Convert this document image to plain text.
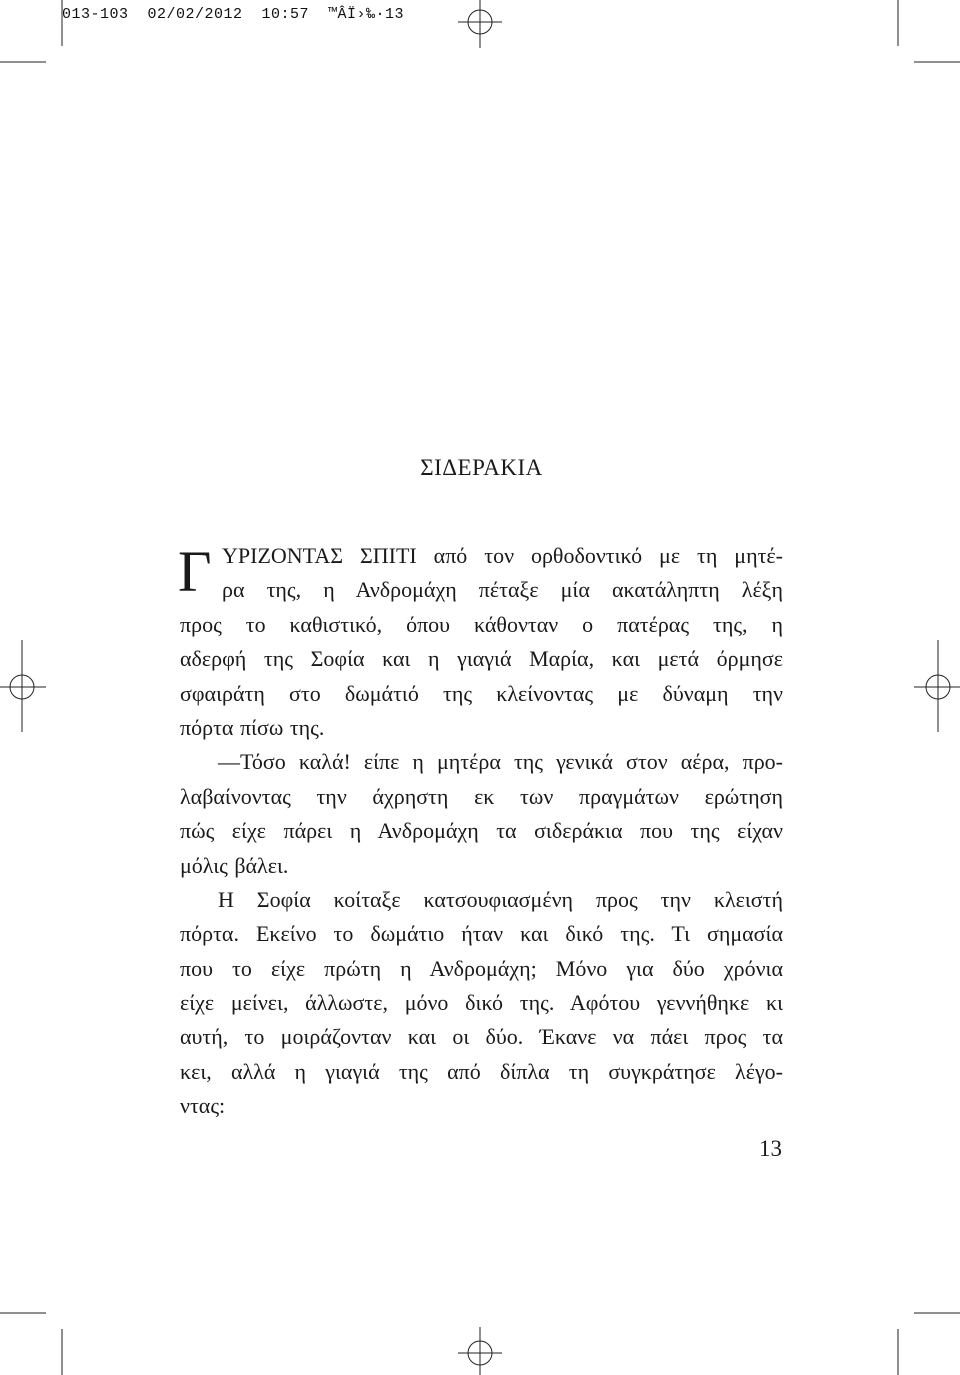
013-103  02/02/2012  10:57  ™ÂÏ›‰·13
ΣΙΔΕΡΑΚΙΑ
Γ ΥΡΙΖΟΝΤΑΣ ΣΠΙΤΙ από τον ορθοδοντικό με τη μητέ-
ρα της, η Ανδρομάχη πέταξε μία ακατάληπτη λέξη
προς το καθιστικό, όπου κάθονταν ο πατέρας της, η
αδερφή της Σοφία και η γιαγιά Μαρία, και μετά όρμησε
σφαιράτη στο δωμάτιό της κλείνοντας με δύναμη την
πόρτα πίσω της.
—Τόσο καλά! είπε η μητέρα της γενικά στον αέρα, προ-
λαβαίνοντας την άχρηστη εκ των πραγμάτων ερώτηση
πώς είχε πάρει η Ανδρομάχη τα σιδεράκια που της είχαν
μόλις βάλει.
Η Σοφία κοίταξε κατσουφιασμένη προς την κλειστή
πόρτα. Εκείνο το δωμάτιο ήταν και δικό της. Τι σημασία
που το είχε πρώτη η Ανδρομάχη; Μόνο για δύο χρόνια
είχε μείνει, άλλωστε, μόνο δικό της. Αφότου γεννήθηκε κι
αυτή, το μοιράζονταν και οι δύο. Έκανε να πάει προς τα
κει, αλλά η γιαγιά της από δίπλα τη συγκράτησε λέγο-
ντας:
13
